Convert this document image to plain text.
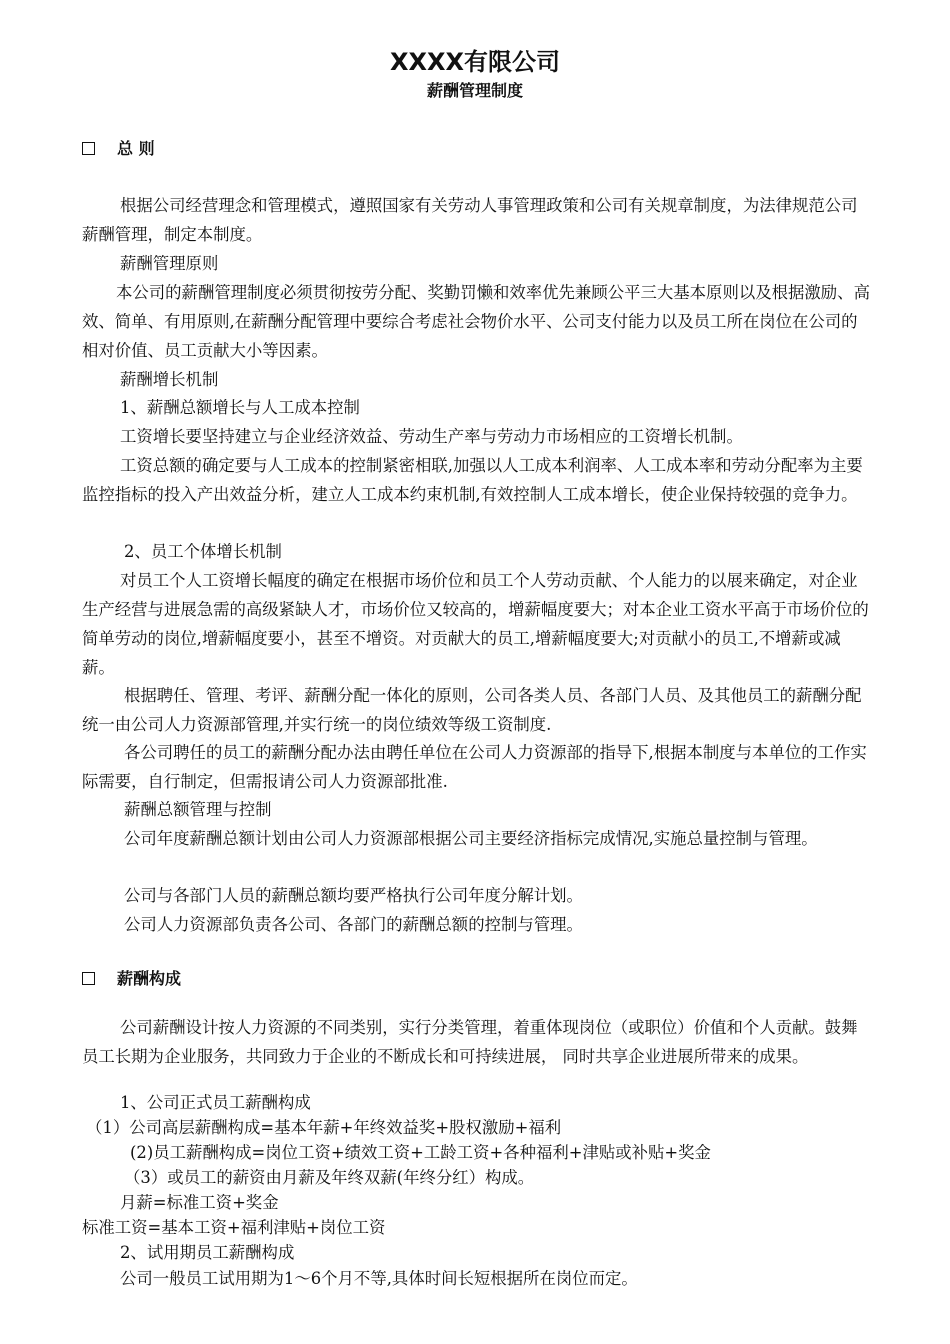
XXXX有限公司
薪酬管理制度
总 则

根据公司经营理念和管理模式，遵照国家有关劳动人事管理政策和公司有关规章制度，为法律规范公司薪酬管理，制定本制度。

薪酬管理原则

本公司的薪酬管理制度必须贯彻按劳分配、奖勤罚懒和效率优先兼顾公平三大基本原则以及根据激励、高效、简单、有用原则,在薪酬分配管理中要综合考虑社会物价水平、公司支付能力以及员工所在岗位在公司的相对价值、员工贡献大小等因素。

薪酬增长机制

1、薪酬总额增长与人工成本控制

工资增长要坚持建立与企业经济效益、劳动生产率与劳动力市场相应的工资增长机制。

工资总额的确定要与人工成本的控制紧密相联,加强以人工成本利润率、人工成本率和劳动分配率为主要监控指标的投入产出效益分析，建立人工成本约束机制,有效控制人工成本增长，使企业保持较强的竞争力。

2、员工个体增长机制

对员工个人工资增长幅度的确定在根据市场价位和员工个人劳动贡献、个人能力的以展来确定，对企业生产经营与进展急需的高级紧缺人才，市场价位又较高的，增薪幅度要大；对本企业工资水平高于市场价位的简单劳动的岗位,增薪幅度要小，甚至不增资。对贡献大的员工,增薪幅度要大;对贡献小的员工,不增薪或减薪。

根据聘任、管理、考评、薪酬分配一体化的原则，公司各类人员、各部门人员、及其他员工的薪酬分配统一由公司人力资源部管理,并实行统一的岗位绩效等级工资制度.

各公司聘任的员工的薪酬分配办法由聘任单位在公司人力资源部的指导下,根据本制度与本单位的工作实际需要，自行制定，但需报请公司人力资源部批准.

薪酬总额管理与控制

公司年度薪酬总额计划由公司人力资源部根据公司主要经济指标完成情况,实施总量控制与管理。

公司与各部门人员的薪酬总额均要严格执行公司年度分解计划。

公司人力资源部负责各公司、各部门的薪酬总额的控制与管理。

薪酬构成

公司薪酬设计按人力资源的不同类别，实行分类管理，着重体现岗位（或职位）价值和个人贡献。鼓舞员工长期为企业服务，共同致力于企业的不断成长和可持续进展， 同时共享企业进展所带来的成果。

1、公司正式员工薪酬构成

（1）公司高层薪酬构成=基本年薪+年终效益奖+股权激励+福利

(2)员工薪酬构成=岗位工资+绩效工资+工龄工资+各种福利+津贴或补贴+奖金

（3）或员工的薪资由月薪及年终双薪(年终分红）构成。

月薪=标准工资+奖金

标准工资=基本工资+福利津贴+岗位工资

2、试用期员工薪酬构成

公司一般员工试用期为1～6个月不等,具体时间长短根据所在岗位而定。
